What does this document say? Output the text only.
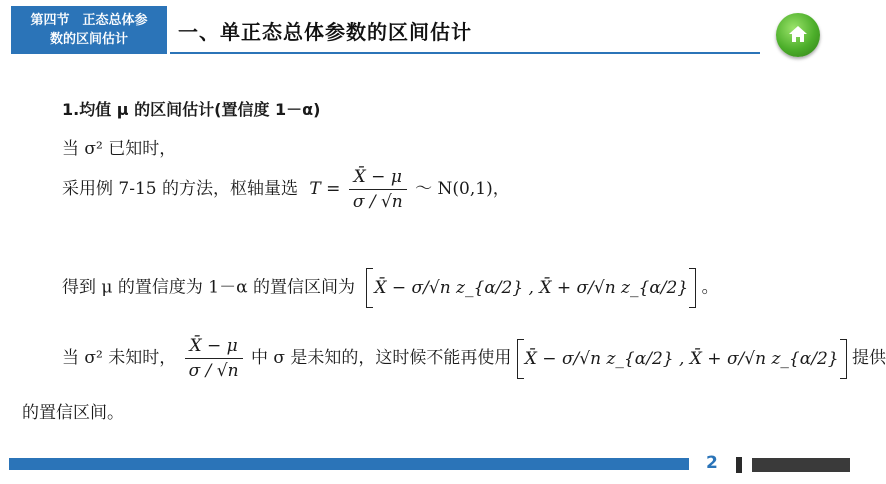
第四节　正态总体参
数的区间估计	一、单正态总体参数的区间估计
1.均值 μ 的区间估计(置信度 1－α)
当 σ² 已知时，
采用例 7-15 的方法，枢轴量选 $T = \frac{X̄ - \mu}{\sigma / √n}$ ～ N(0,1)，
得到 μ 的置信度为 1－α 的置信区间为 X̄ − σ/√n z_{α/2} , X̄ + σ/√n z_{α/2} 。
当 σ² 未知时， $\frac{X̄ - \mu}{\sigma / √n}$ 中 σ 是未知的，这时候不能再使用 X̄ − σ/√n z_{α/2} , X̄ + σ/√n z_{α/2} 提供
的置信区间。
2
